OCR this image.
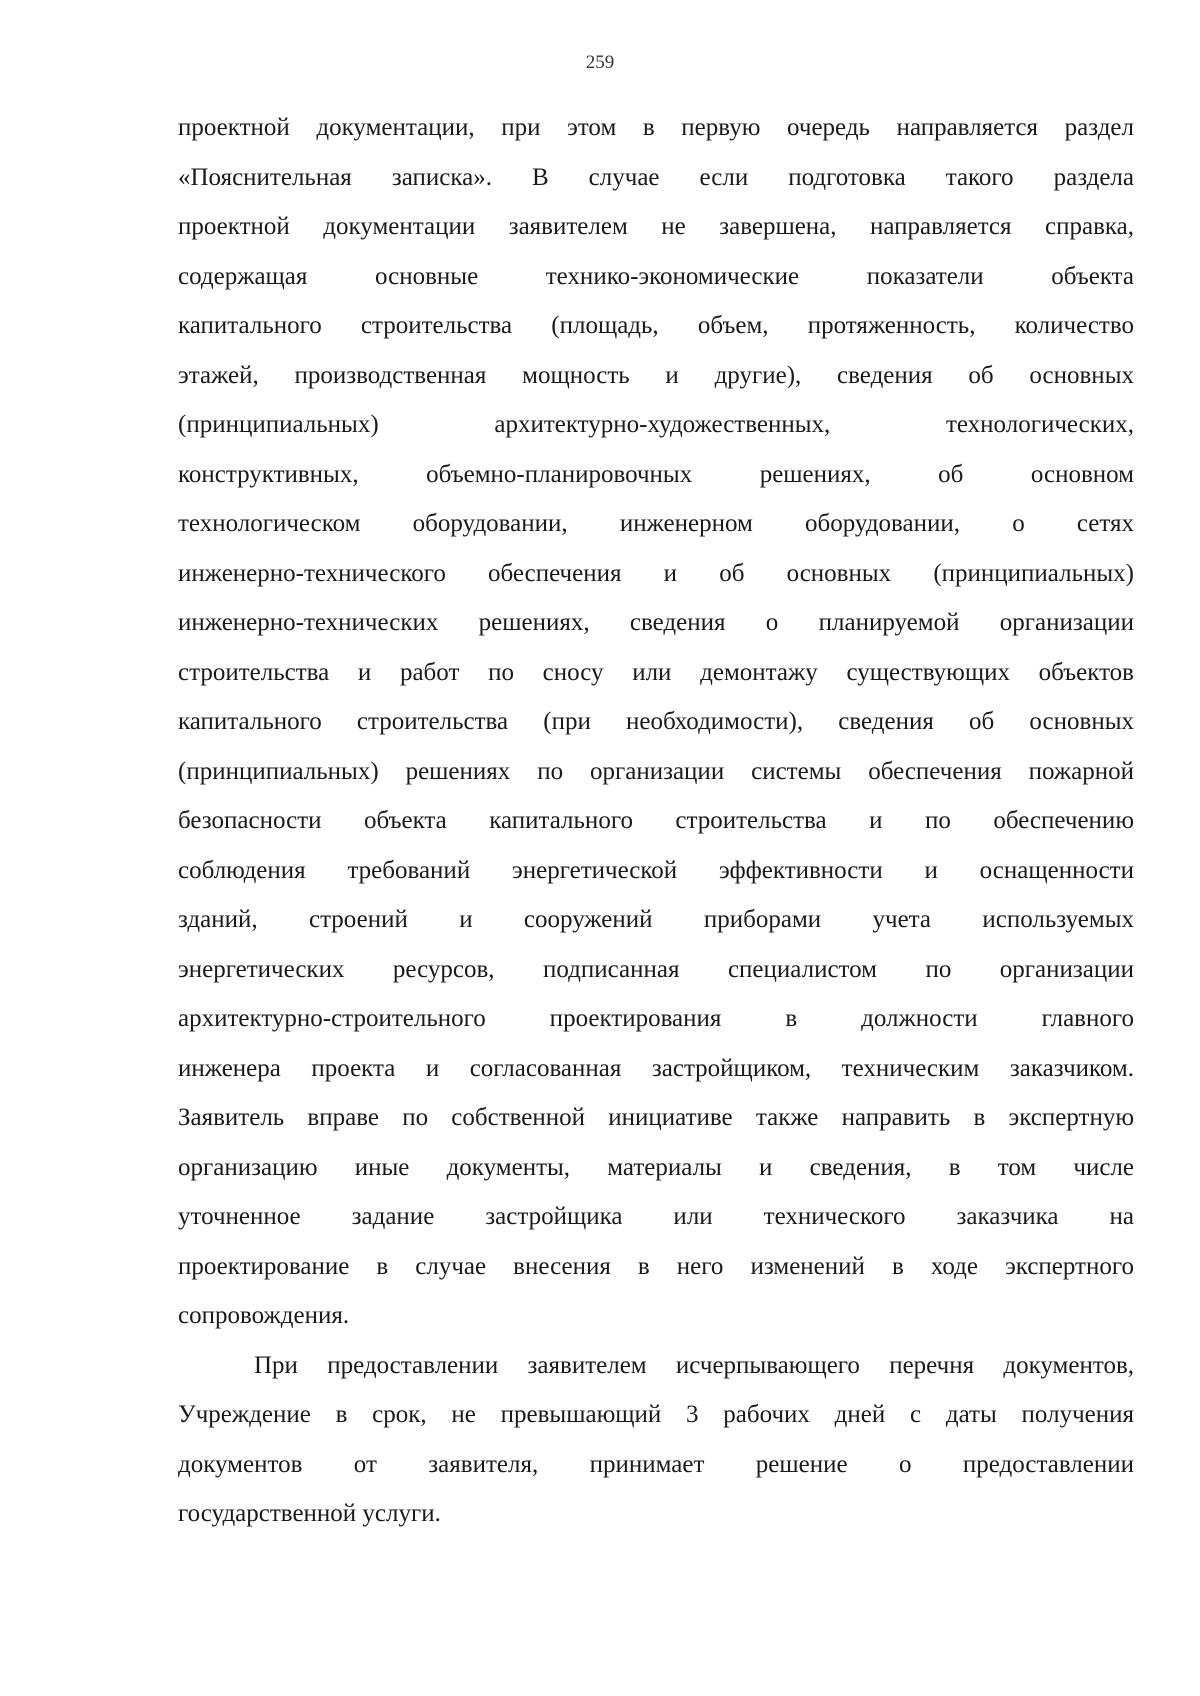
259
проектной документации, при этом в первую очередь направляется раздел
«Пояснительная записка». В случае если подготовка такого раздела
проектной документации заявителем не завершена, направляется справка,
содержащая основные технико-экономические показатели объекта
капитального строительства (площадь, объем, протяженность, количество
этажей, производственная мощность и другие), сведения об основных
(принципиальных) архитектурно-художественных, технологических,
конструктивных, объемно-планировочных решениях, об основном
технологическом оборудовании, инженерном оборудовании, о сетях
инженерно-технического обеспечения и об основных (принципиальных)
инженерно-технических решениях, сведения о планируемой организации
строительства и работ по сносу или демонтажу существующих объектов
капитального строительства (при необходимости), сведения об основных
(принципиальных) решениях по организации системы обеспечения пожарной
безопасности объекта капитального строительства и по обеспечению
соблюдения требований энергетической эффективности и оснащенности
зданий, строений и сооружений приборами учета используемых
энергетических ресурсов, подписанная специалистом по организации
архитектурно-строительного проектирования в должности главного
инженера проекта и согласованная застройщиком, техническим заказчиком.
Заявитель вправе по собственной инициативе также направить в экспертную
организацию иные документы, материалы и сведения, в том числе
уточненное задание застройщика или технического заказчика на
проектирование в случае внесения в него изменений в ходе экспертного
сопровождения.
При предоставлении заявителем исчерпывающего перечня документов,
Учреждение в срок, не превышающий 3 рабочих дней с даты получения
документов от заявителя, принимает решение о предоставлении
государственной услуги.
